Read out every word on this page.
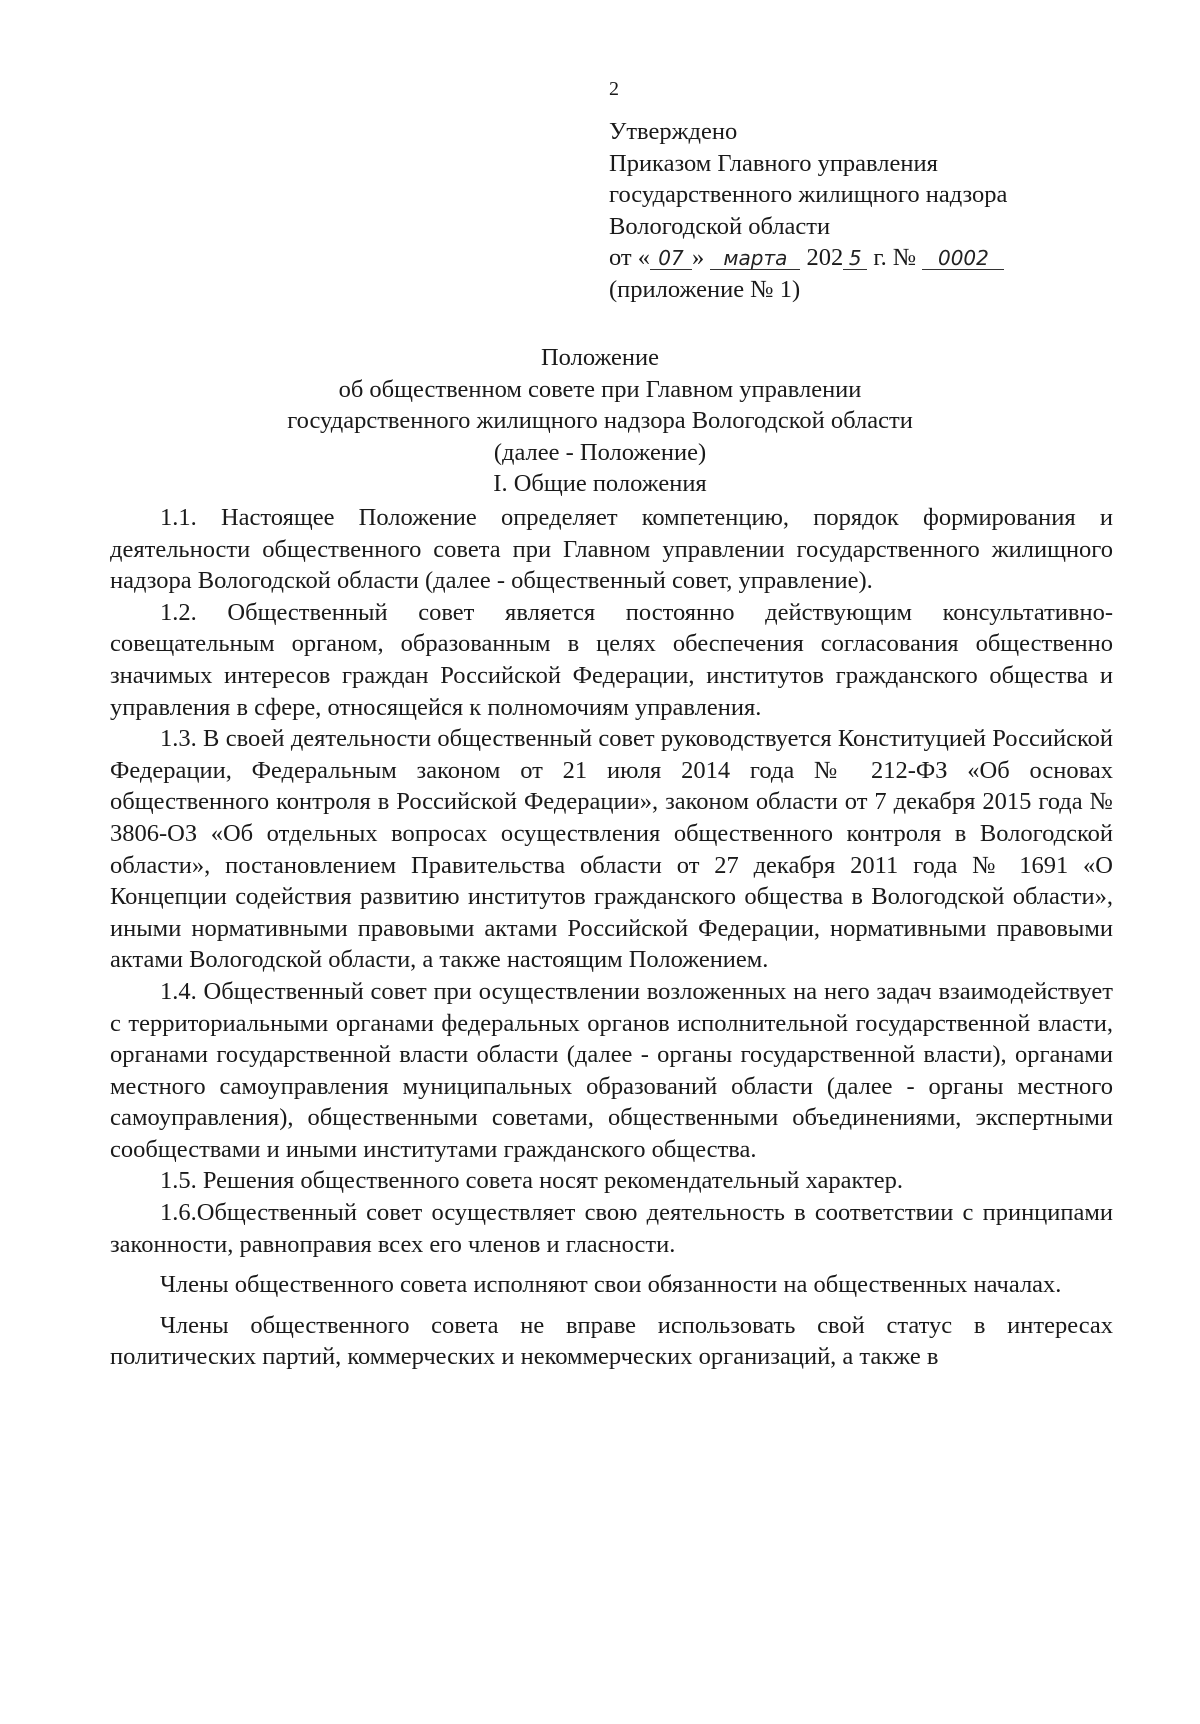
2
Утверждено
Приказом Главного управления
государственного жилищного надзора
Вологодской области
от « 07 » марта 202 5 г. № 0002
(приложение № 1)
Положение
об общественном совете при Главном управлении
государственного жилищного надзора Вологодской области
(далее - Положение)
I. Общие положения

1.1. Настоящее Положение определяет компетенцию, порядок формирования и деятельности общественного совета при Главном управлении государственного жилищного надзора Вологодской области (далее - общественный совет, управление).

1.2. Общественный совет является постоянно действующим консультативно-совещательным органом, образованным в целях обеспечения согласования общественно значимых интересов граждан Российской Федерации, институтов гражданского общества и управления в сфере, относящейся к полномочиям управления.

1.3. В своей деятельности общественный совет руководствуется Конституцией Российской Федерации, Федеральным законом от 21 июля 2014 года № 212-ФЗ «Об основах общественного контроля в Российской Федерации», законом области от 7 декабря 2015 года № 3806-ОЗ «Об отдельных вопросах осуществления общественного контроля в Вологодской области», постановлением Правительства области от 27 декабря 2011 года № 1691 «О Концепции содействия развитию институтов гражданского общества в Вологодской области», иными нормативными правовыми актами Российской Федерации, нормативными правовыми актами Вологодской области, а также настоящим Положением.

1.4. Общественный совет при осуществлении возложенных на него задач взаимодействует с территориальными органами федеральных органов исполнительной государственной власти, органами государственной власти области (далее - органы государственной власти), органами местного самоуправления муниципальных образований области (далее - органы местного самоуправления), общественными советами, общественными объединениями, экспертными сообществами и иными институтами гражданского общества.

1.5. Решения общественного совета носят рекомендательный характер.

1.6.Общественный совет осуществляет свою деятельность в соответствии с принципами законности, равноправия всех его членов и гласности.

Члены общественного совета исполняют свои обязанности на общественных началах.

Члены общественного совета не вправе использовать свой статус в интересах политических партий, коммерческих и некоммерческих организаций, а также в
